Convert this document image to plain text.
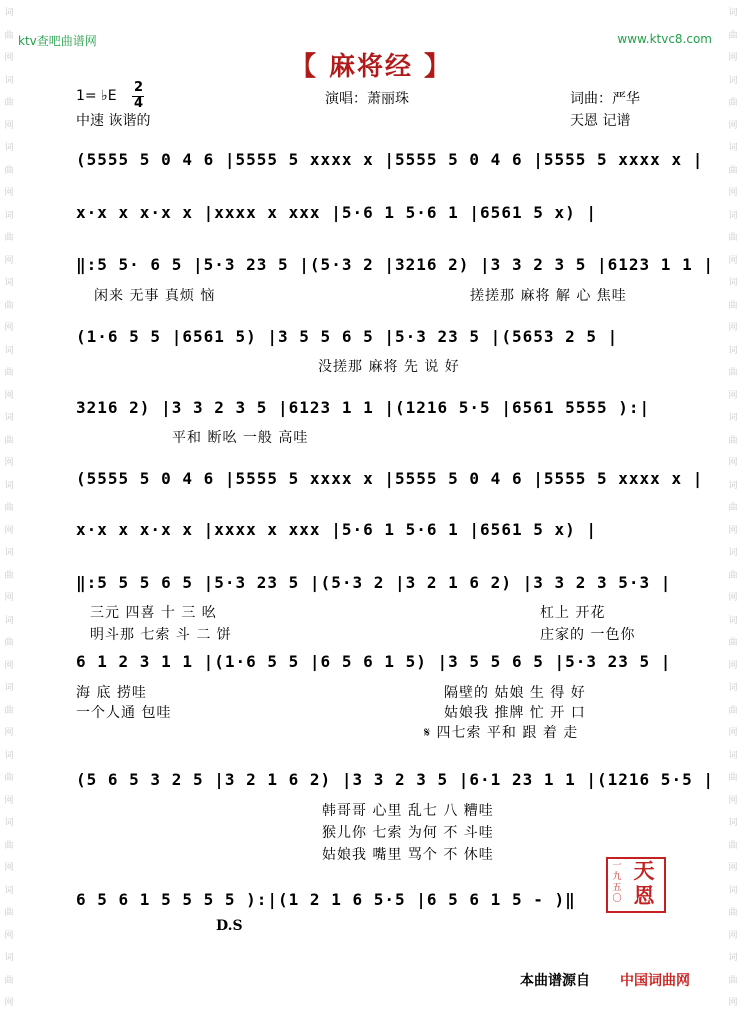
词
曲
网
词
曲
网
词
曲
网
词
曲
网
词
曲
网
词
曲
网
词
曲
网
词
曲
网
词
曲
网
词
曲
网
词
曲
网
词
曲
网
词
曲
网
词
曲
网
词
曲
网
词
曲
网
词
曲
网
词
曲
网
词
曲
网
词
曲
网
词
曲
网
词
曲
网
词
曲
网
词
曲
网
词
曲
网
词
曲
网
词
曲
网
词
曲
网
词
曲
网
词
曲
网
ktv查吧曲谱网	www.ktvc8.com
【 麻将经 】
1= ♭E
2
4	演唱：萧丽珠	词曲：严华
中速 诙谐的	天恩 记谱
(5555 5 0 4 6 |5555 5 xxxx x |5555 5 0 4 6 |5555 5 xxxx x |
x·x x x·x x |xxxx x xxx |5·6 1 5·6 1 |6561 5 x) |
‖:5 5· 6 5 |5·3 23 5 |(5·3 2 |3216 2) |3 3 2 3 5 |6123 1 1 |
闲来 无事 真烦 恼	搓搓那 麻将 解 心 焦哇
(1·6 5 5 |6561 5) |3 5 5 6 5 |5·3 23 5 |(5653 2 5 |
没搓那 麻将 先 说 好
3216 2) |3 3 2 3 5 |6123 1 1 |(1216 5·5 |6561 5555 ):|
平和 断吆 一般 高哇
(5555 5 0 4 6 |5555 5 xxxx x |5555 5 0 4 6 |5555 5 xxxx x |
x·x x x·x x |xxxx x xxx |5·6 1 5·6 1 |6561 5 x) |
‖:5 5 5 6 5 |5·3 23 5 |(5·3 2 |3 2 1 6 2) |3 3 2 3 5·3 |
三元 四喜 十 三 吆	杠上 开花
明斗那 七索 斗 二 饼	庄家的 一色你
6 1 2 3 1 1 |(1·6 5 5 |6 5 6 1 5) |3 5 5 6 5 |5·3 23 5 |
海 底 捞哇	隔壁的 姑娘 生 得 好
一个人通 包哇	姑娘我 推牌 忙 开 口
𝄋 四七索 平和 跟 着 走
(5 6 5 3 2 5 |3 2 1 6 2) |3 3 2 3 5 |6·1 23 1 1 |(1216 5·5 |
韩哥哥 心里 乱七 八 糟哇
猴儿你 七索 为何 不 斗哇
姑娘我 嘴里 骂个 不 休哇
6 5 6 1 5 5 5 5 ):|(1 2 1 6 5·5 |6 5 6 1 5 - )‖
D.S
一九五〇
天恩
本曲谱源自 中国词曲网
